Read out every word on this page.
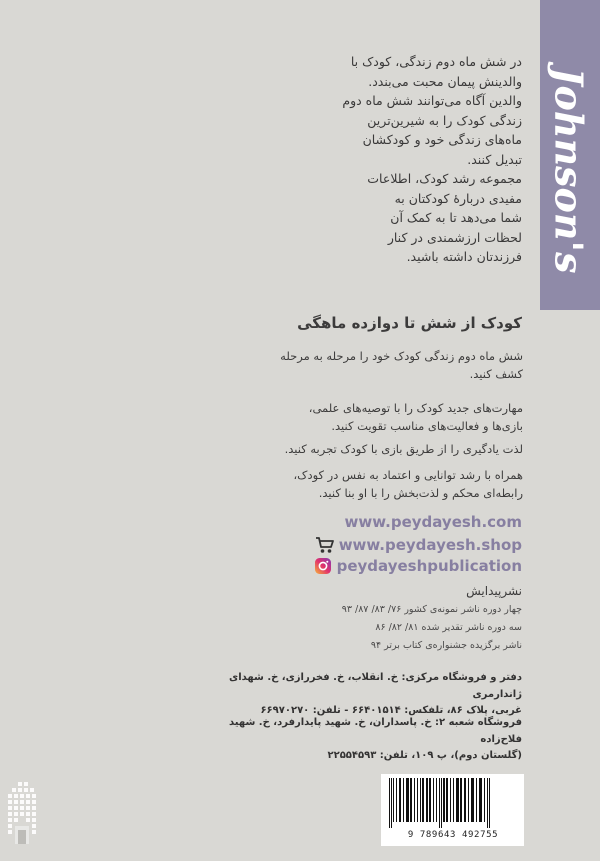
Johnson's
در شش ماه دوم زندگی، کودک با
والدینش پیمان محبت می‌بندد.
والدین آگاه می‌توانند شش ماه دوم
زندگی کودک را به شیرین‌ترین
ماه‌های زندگی خود و کودکشان
تبدیل کنند.
مجموعه رشد کودک، اطلاعات
مفیدی دربارهٔ کودکتان به
شما می‌دهد تا به کمک آن
لحظات ارزشمندی در کنار
فرزندتان داشته باشید.
کودک از شش تا دوازده ماهگی
شش ماه دوم زندگی کودک خود را مرحله به مرحله
کشف کنید.
مهارت‌های جدید کودک را با توصیه‌های علمی،
بازی‌ها و فعالیت‌های مناسب تقویت کنید.
لذت یادگیری را از طریق بازی با کودک تجربه کنید.
همراه با رشد توانایی و اعتماد به نفس در کودک،
رابطه‌ای محکم و لذت‌بخش را با او بنا کنید.
www.peydayesh.com
www.peydayesh.shop
peydayeshpublication
نشرپیدایش
چهار دوره ناشر نمونه‌ی کشور ۷۶/ ۸۳/ ۸۷/ ۹۳
سه دوره ناشر تقدیر شده ۸۱/ ۸۲/ ۸۶
ناشر برگزیده جشنواره‌ی کتاب برتر ۹۴
دفتر و فروشگاه مرکزی: خ. انقلاب، خ. فخررازی، خ. شهدای ژاندارمری
غربی، پلاک ۸۶، تلفکس: ۶۶۴۰۱۵۱۴ - تلفن: ۶۶۹۷۰۲۷۰
فروشگاه شعبه ۲: خ. پاسداران، خ. شهید پایدارفرد، خ. شهید فلاح‌زاده
(گلستان دوم)، پ ۱۰۹، تلفن: ۲۲۵۵۴۵۹۳
9 789643 492755
